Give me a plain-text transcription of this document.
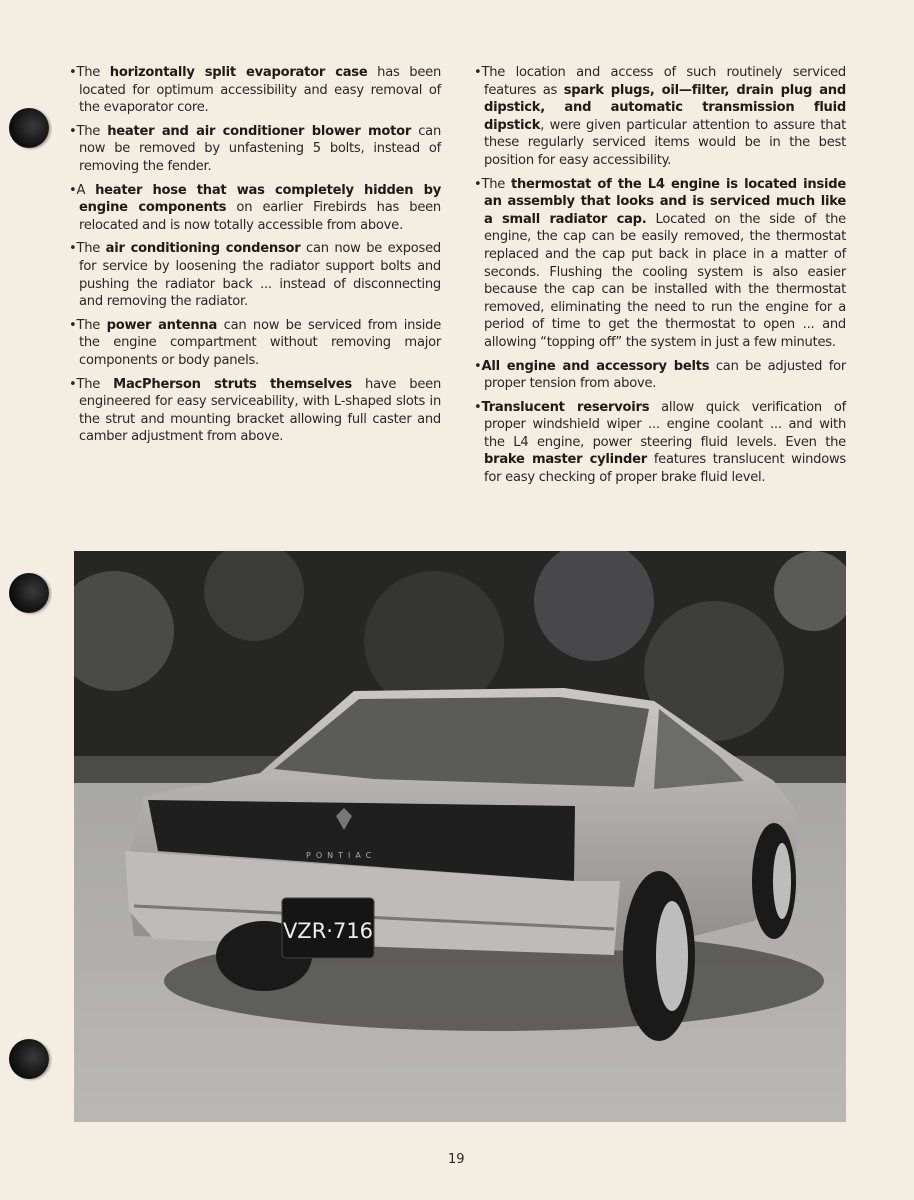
•The horizontally split evaporator case has been located for optimum accessibility and easy removal of the evaporator core.

•The heater and air conditioner blower motor can now be removed by unfastening 5 bolts, instead of removing the fender.

•A heater hose that was completely hidden by engine components on earlier Firebirds has been relocated and is now totally accessible from above.

•The air conditioning condensor can now be exposed for service by loosening the radiator support bolts and pushing the radiator back ... instead of disconnecting and removing the radiator.

•The power antenna can now be serviced from inside the engine compartment without removing major components or body panels.

•The MacPherson struts themselves have been engineered for easy serviceability, with L-shaped slots in the strut and mounting bracket allowing full caster and camber adjustment from above.

•The location and access of such routinely serviced features as spark plugs, oil—filter, drain plug and dipstick, and automatic transmission fluid dipstick, were given particular attention to assure that these regularly serviced items would be in the best position for easy accessibility.

•The thermostat of the L4 engine is located inside an assembly that looks and is serviced much like a small radiator cap. Located on the side of the engine, the cap can be easily removed, the thermostat replaced and the cap put back in place in a matter of seconds. Flushing the cooling system is also easier because the cap can be installed with the thermostat removed, eliminating the need to run the engine for a period of time to get the thermostat to open ... and allowing “topping off” the system in just a few minutes.

•All engine and accessory belts can be adjusted for proper tension from above.

•Translucent reservoirs allow quick verification of proper windshield wiper ... engine coolant ... and with the L4 engine, power steering fluid levels. Even the brake master cylinder features translucent windows for easy checking of proper brake fluid level.

PONTIAC
VZR·716
19
